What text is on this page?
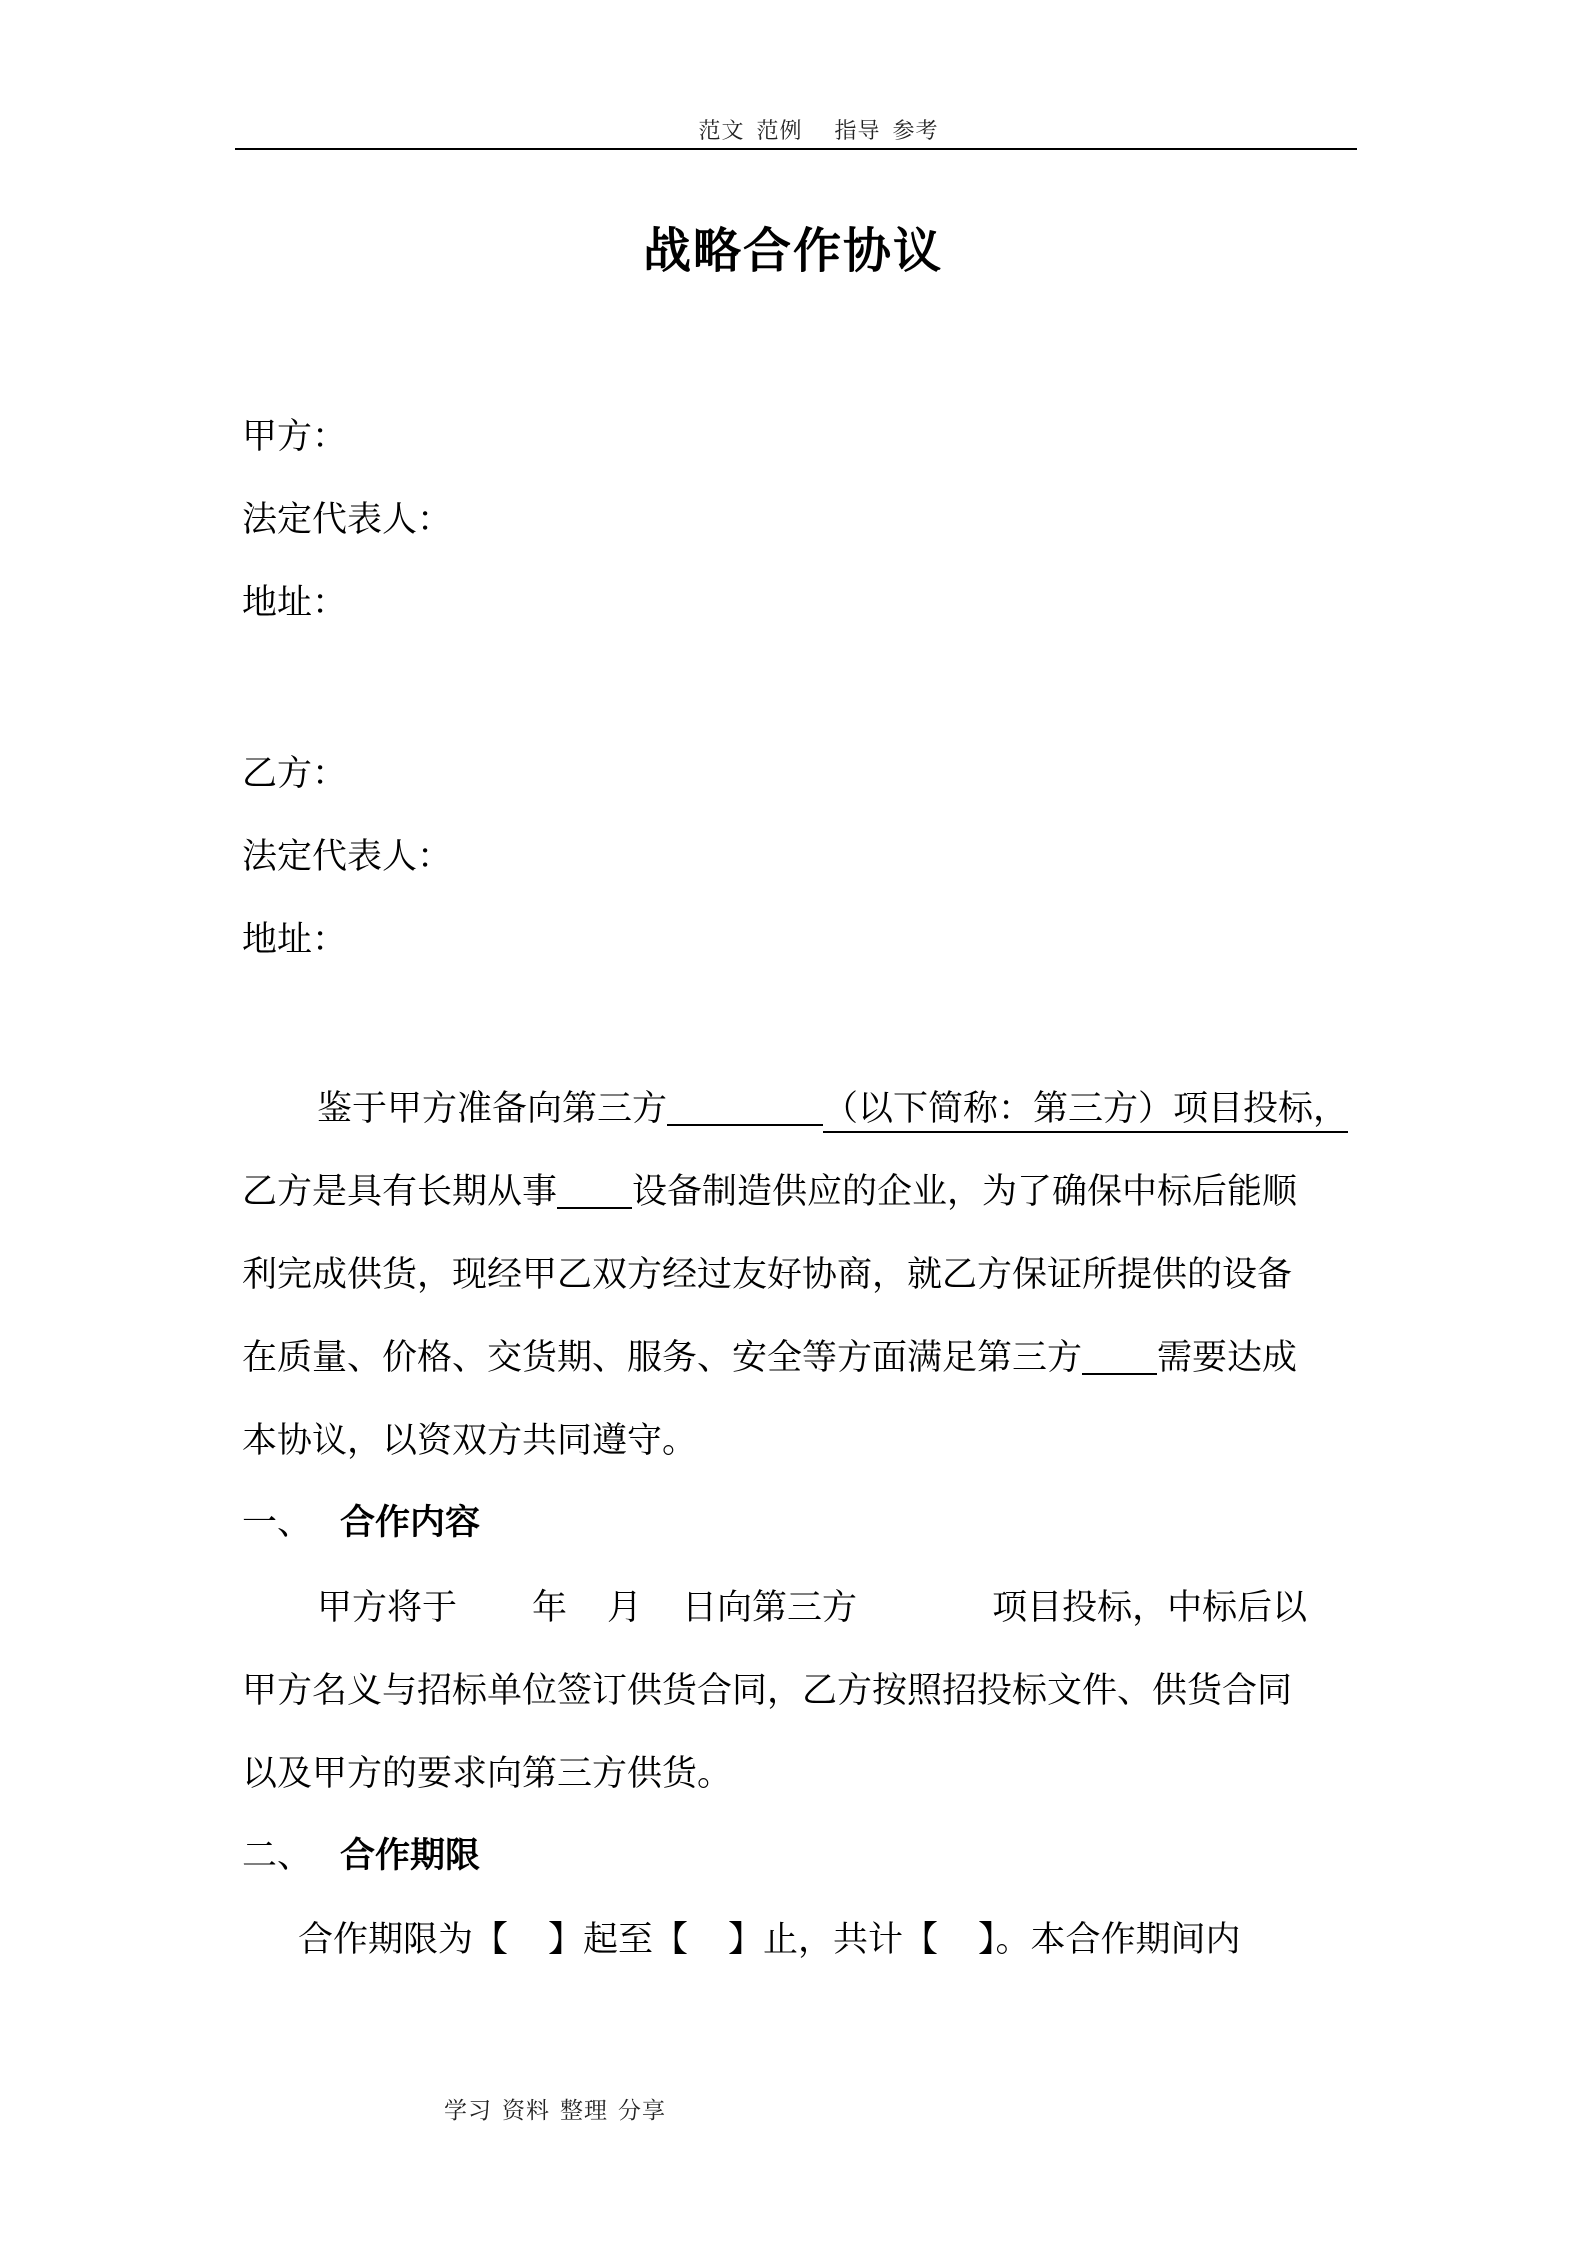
范文 范例 指导 参考
战略合作协议
甲方：
法定代表人：
地址：
乙方：
法定代表人：
地址：
鉴于甲方准备向第三方	（以下简称：第三方）项目投标，
乙方是具有长期从事 设备制造供应的企业，为了确保中标后能顺
利完成供货，现经甲乙双方经过友好协商，就乙方保证所提供的设备
在质量、价格、交货期、服务、安全等方面满足第三方 需要达成
本协议，以资双方共同遵守。
一、 合作内容
甲方将于 年 月 日向第三方	项目投标，中标后以
甲方名义与招标单位签订供货合同，乙方按照招投标文件、供货合同
以及甲方的要求向第三方供货。
二、 合作期限
合作期限为【 】起至【 】止，共计【 】。本合作期间内
学习 资料 整理 分享
